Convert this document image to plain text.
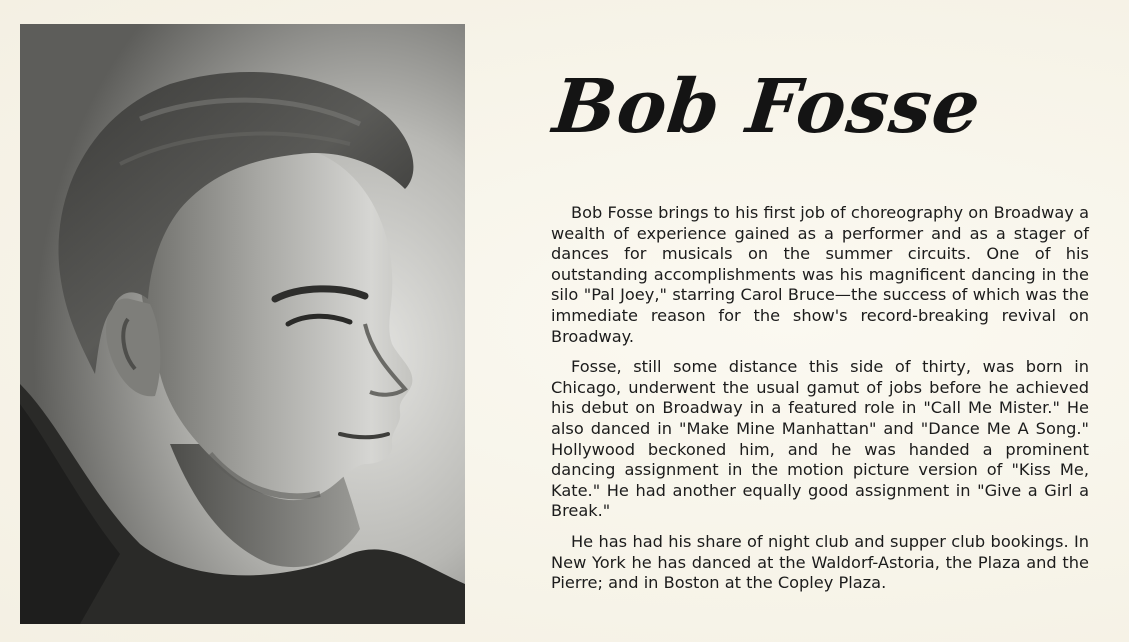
Bob Fosse

Bob Fosse brings to his first job of choreography on Broadway a wealth of experience gained as a performer and as a stager of dances for musicals on the summer circuits. One of his outstanding accomplishments was his magnificent dancing in the silo "Pal Joey," starring Carol Bruce—the success of which was the immediate reason for the show's record-breaking revival on Broadway.

Fosse, still some distance this side of thirty, was born in Chicago, underwent the usual gamut of jobs before he achieved his debut on Broadway in a featured role in "Call Me Mister." He also danced in "Make Mine Manhattan" and "Dance Me A Song." Hollywood beckoned him, and he was handed a prominent dancing assignment in the motion picture version of "Kiss Me, Kate." He had another equally good assignment in "Give a Girl a Break."

He has had his share of night club and supper club bookings. In New York he has danced at the Waldorf-Astoria, the Plaza and the Pierre; and in Boston at the Copley Plaza.
